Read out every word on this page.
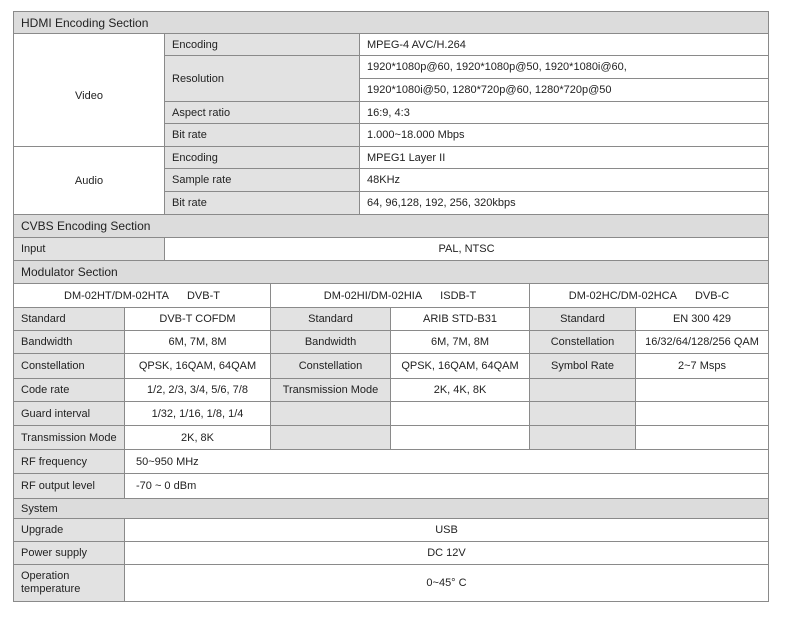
HDMI Encoding Section
Video
Encoding	MPEG-4 AVC/H.264
Resolution
1920*1080p@60, 1920*1080p@50, 1920*1080i@60,
1920*1080i@50, 1280*720p@60, 1280*720p@50
Aspect ratio	16:9, 4:3
Bit rate	1.000~18.000 Mbps
Audio
Encoding	MPEG1 Layer II
Sample rate	48KHz
Bit rate	64, 96,128, 192, 256, 320kbps
CVBS Encoding Section
Input	PAL, NTSC
Modulator Section
DM-02HT/DM-02HTA DVB-T	DM-02HI/DM-02HIA ISDB-T	DM-02HC/DM-02HCA DVB-C
Standard	DVB-T COFDM	Standard	ARIB STD-B31	Standard	EN 300 429
Bandwidth	6M, 7M, 8M	Bandwidth	6M, 7M, 8M	Constellation	16/32/64/128/256 QAM
Constellation	QPSK, 16QAM, 64QAM	Constellation	QPSK, 16QAM, 64QAM	Symbol Rate	2~7 Msps
Code rate	1/2, 2/3, 3/4, 5/6, 7/8	Transmission Mode	2K, 4K, 8K
Guard interval	1/32, 1/16, 1/8, 1/4
Transmission Mode	2K, 8K
RF frequency	50~950 MHz
RF output level	-70 ~ 0 dBm
System
Upgrade	USB
Power supply	DC 12V
Operation temperature	0~45° C
